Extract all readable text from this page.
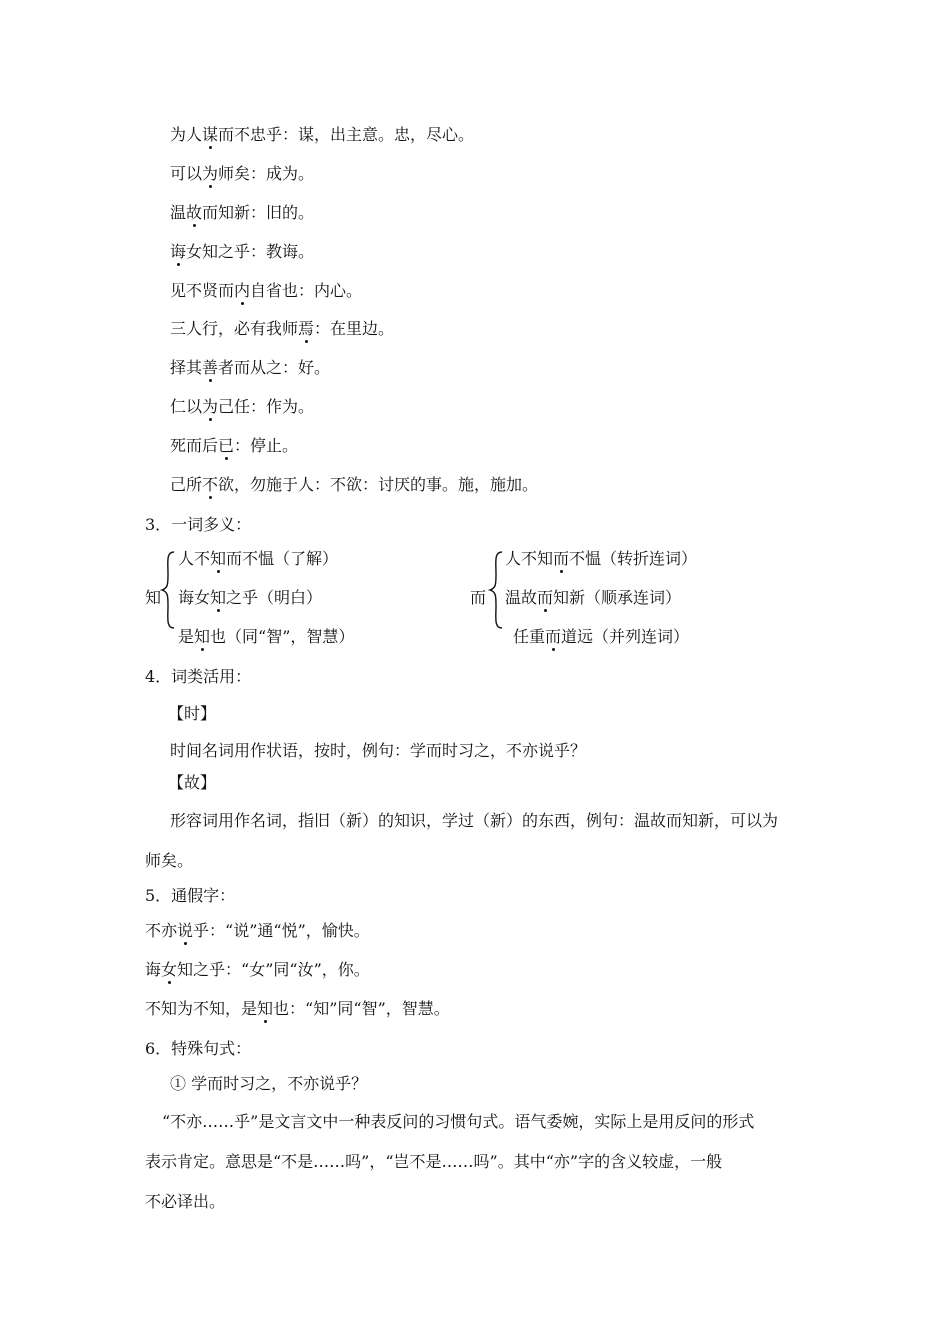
为人谋而不忠乎：谋，出主意。忠，尽心。
可以为师矣：成为。
温故而知新：旧的。
诲女知之乎：教诲。
见不贤而内自省也：内心。
三人行，必有我师焉：在里边。
择其善者而从之：好。
仁以为己任：作为。
死而后已：停止。
己所不欲，勿施于人：不欲：讨厌的事。施，施加。
3．一词多义：
知
人不知而不愠（了解）
诲女知之乎（明白）
是知也（同“智”，智慧）
而
人不知而不愠（转折连词）
温故而知新（顺承连词）
任重而道远（并列连词）
4．词类活用：
【时】
时间名词用作状语，按时，例句：学而时习之，不亦说乎？
【故】
形容词用作名词，指旧（新）的知识，学过（新）的东西，例句：温故而知新，可以为
师矣。
5．通假字：
不亦说乎：“说”通“悦”，愉快。
诲女知之乎：“女”同“汝”，你。
不知为不知，是知也：“知”同“智”，智慧。
6．特殊句式：
① 学而时习之，不亦说乎？
“不亦……乎”是文言文中一种表反问的习惯句式。语气委婉，实际上是用反问的形式
表示肯定。意思是“不是……吗”，“岂不是……吗”。其中“亦”字的含义较虚，一般
不必译出。
